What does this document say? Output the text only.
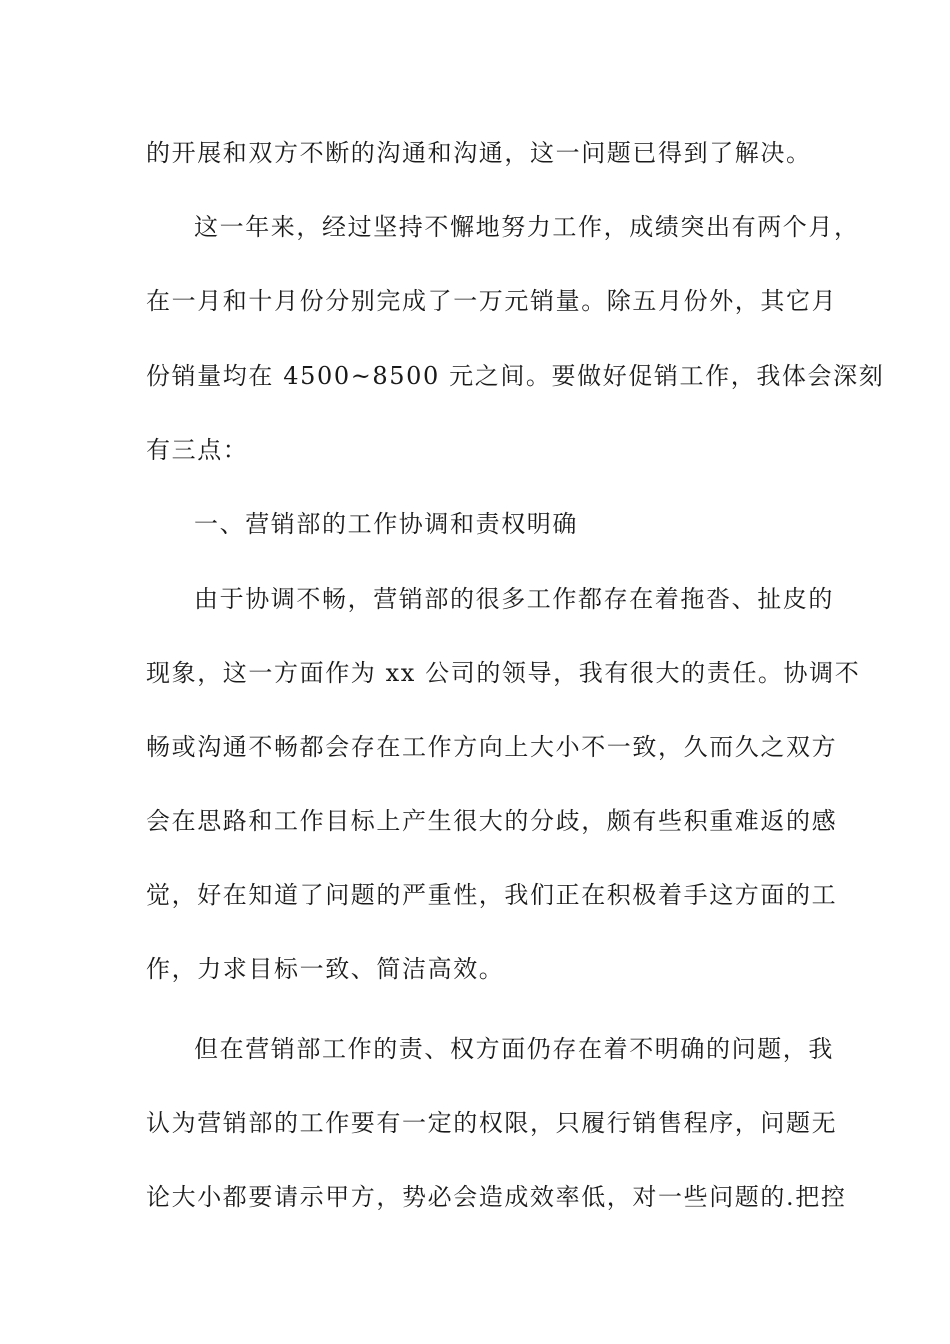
的开展和双方不断的沟通和沟通，这一问题已得到了解决。
这一年来，经过坚持不懈地努力工作，成绩突出有两个月，
在一月和十月份分别完成了一万元销量。除五月份外，其它月
份销量均在 4500~8500 元之间。要做好促销工作，我体会深刻
有三点：
一、营销部的工作协调和责权明确
由于协调不畅，营销部的很多工作都存在着拖沓、扯皮的
现象，这一方面作为 xx 公司的领导，我有很大的责任。协调不
畅或沟通不畅都会存在工作方向上大小不一致，久而久之双方
会在思路和工作目标上产生很大的分歧，颇有些积重难返的感
觉，好在知道了问题的严重性，我们正在积极着手这方面的工
作，力求目标一致、简洁高效。
但在营销部工作的责、权方面仍存在着不明确的问题，我
认为营销部的工作要有一定的权限，只履行销售程序，问题无
论大小都要请示甲方，势必会造成效率低，对一些问题的.把控
